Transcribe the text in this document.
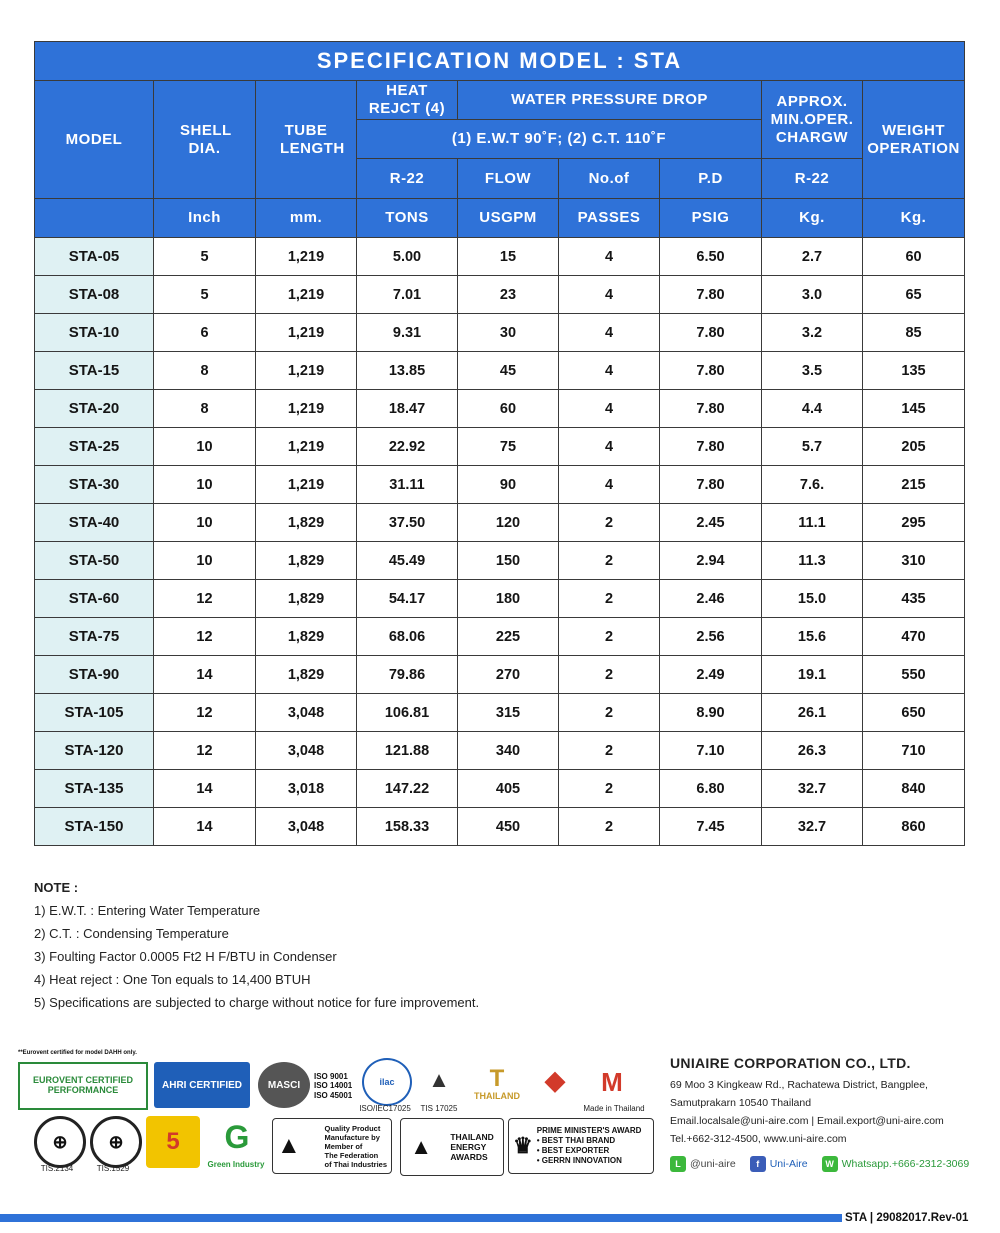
SPECIFICATION MODEL : STA								
MODEL	SHELL DIA.	TUBE LENGTH	HEAT REJCT (4)	WATER PRESSURE DROP			APPROX. MIN.OPER. CHARGW	WEIGHT OPERATION
			(1) E.W.T 90˚F; (2) C.T. 110˚F					
			R-22	FLOW	No.of	P.D	R-22	
	Inch	mm.	TONS	USGPM	PASSES	PSIG	Kg.	Kg.
STA-05	5	1,219	5.00	15	4	6.50	2.7	60
STA-08	5	1,219	7.01	23	4	7.80	3.0	65
STA-10	6	1,219	9.31	30	4	7.80	3.2	85
STA-15	8	1,219	13.85	45	4	7.80	3.5	135
STA-20	8	1,219	18.47	60	4	7.80	4.4	145
STA-25	10	1,219	22.92	75	4	7.80	5.7	205
STA-30	10	1,219	31.11	90	4	7.80	7.6.	215
STA-40	10	1,829	37.50	120	2	2.45	11.1	295
STA-50	10	1,829	45.49	150	2	2.94	11.3	310
STA-60	12	1,829	54.17	180	2	2.46	15.0	435
STA-75	12	1,829	68.06	225	2	2.56	15.6	470
STA-90	14	1,829	79.86	270	2	2.49	19.1	550
STA-105	12	3,048	106.81	315	2	8.90	26.1	650
STA-120	12	3,048	121.88	340	2	7.10	26.3	710
STA-135	14	3,018	147.22	405	2	6.80	32.7	840
STA-150	14	3,048	158.33	450	2	7.45	32.7	860
NOTE :
1) E.W.T. : Entering Water Temperature
2) C.T. : Condensing Temperature
3) Foulting Factor 0.0005 Ft2 H F/BTU in Condenser
4) Heat reject : One Ton equals to 14,400 BTUH
5) Specifications are subjected to charge without notice for fure improvement.
**Eurovent certified for model DAHH only.
EUROVENT CERTIFIED PERFORMANCE	AHRI CERTIFIED	MASCI
ISO 9001
ISO 14001
ISO 45001
ilac
ISO/IEC17025
▲
TIS 17025
T
THAILAND
◆	M
Made in Thailand
⊕
TIS.2134
⊕
TIS.1529
5	G
Green Industry
▲
Quality Product
Manufacture by
Member of
The Federation
of Thai Industries
▲ THAILAND
ENERGY
AWARDS ♛
PRIME MINISTER'S AWARD
• BEST THAI BRAND
• BEST EXPORTER
• GERRN INNOVATION
UNIAIRE CORPORATION CO., LTD.
69 Moo 3 Kingkeaw Rd., Rachatewa District, Bangplee,
Samutprakarn 10540 Thailand
Email.localsale@uni-aire.com | Email.export@uni-aire.com
Tel.+662-312-4500, www.uni-aire.com
L @uni-aire	f	Uni-Aire	W Whatsapp.+666-2312-3069
STA | 29082017.Rev-01
